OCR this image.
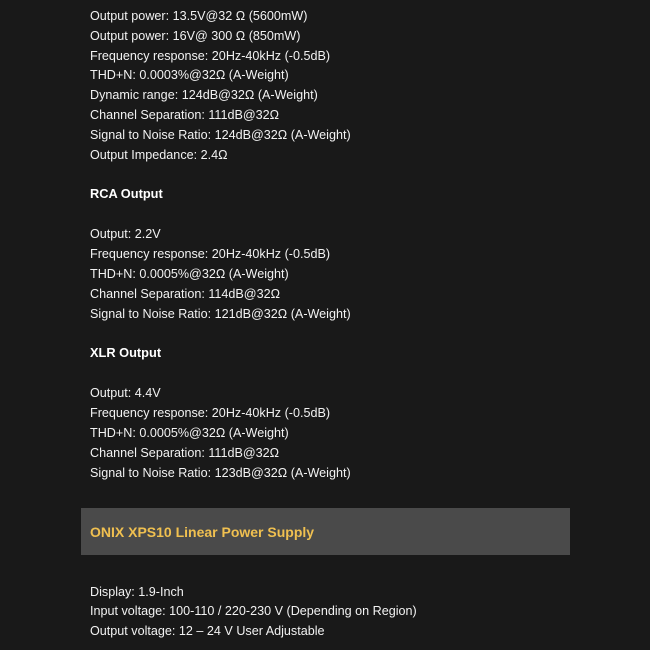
Output power: 13.5V@32 Ω (5600mW)
Output power: 16V@ 300 Ω (850mW)
Frequency response: 20Hz-40kHz (-0.5dB)
THD+N: 0.0003%@32Ω (A-Weight)
Dynamic range: 124dB@32Ω (A-Weight)
Channel Separation: 111dB@32Ω
Signal to Noise Ratio: 124dB@32Ω (A-Weight)
Output Impedance: 2.4Ω
RCA Output
Output: 2.2V
Frequency response: 20Hz-40kHz (-0.5dB)
THD+N: 0.0005%@32Ω (A-Weight)
Channel Separation: 114dB@32Ω
Signal to Noise Ratio: 121dB@32Ω (A-Weight)
XLR Output
Output: 4.4V
Frequency response: 20Hz-40kHz (-0.5dB)
THD+N: 0.0005%@32Ω (A-Weight)
Channel Separation: 111dB@32Ω
Signal to Noise Ratio: 123dB@32Ω (A-Weight)
ONIX XPS10 Linear Power Supply
Display: 1.9-Inch
Input voltage: 100-110 / 220-230 V (Depending on Region)
Output voltage: 12 – 24 V User Adjustable
